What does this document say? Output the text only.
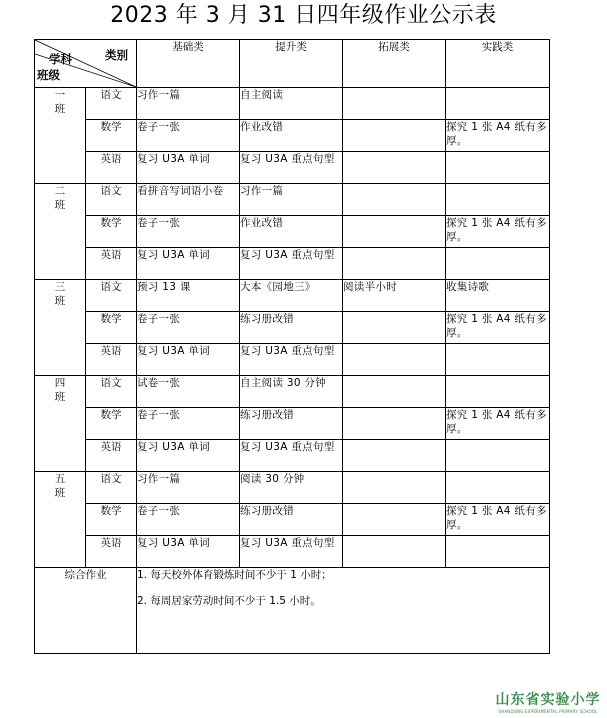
2023 年 3 月 31 日四年级作业公示表
类别
学科
班级		基础类	提升类	拓展类	实践类
一
班	语文	习作一篇	自主阅读		
	数学	卷子一张	作业改错		探究 1 张 A4 纸有多厚。
	英语	复习 U3A 单词	复习 U3A 重点句型		
二
班	语文	看拼音写词语小卷	习作一篇		
	数学	卷子一张	作业改错		探究 1 张 A4 纸有多厚。
	英语	复习 U3A 单词	复习 U3A 重点句型		
三
班	语文	预习 13 课	大本《园地三》	阅读半小时	收集诗歌
	数学	卷子一张	练习册改错		探究 1 张 A4 纸有多厚。
	英语	复习 U3A 单词	复习 U3A 重点句型		
四
班	语文	试卷一张	自主阅读 30 分钟		
	数学	卷子一张	练习册改错		探究 1 张 A4 纸有多厚。
	英语	复习 U3A 单词	复习 U3A 重点句型		
五
班	语文	习作一篇	阅读 30 分钟		
	数学	卷子一张	练习册改错		探究 1 张 A4 纸有多厚。
	英语	复习 U3A 单词	复习 U3A 重点句型		
综合作业		1. 每天校外体育锻炼时间不少于 1 小时；

2. 每周居家劳动时间不少于 1.5 小时。			

山东省实验小学
SHANDONG EXPERIMENTAL PRIMARY SCHOOL
